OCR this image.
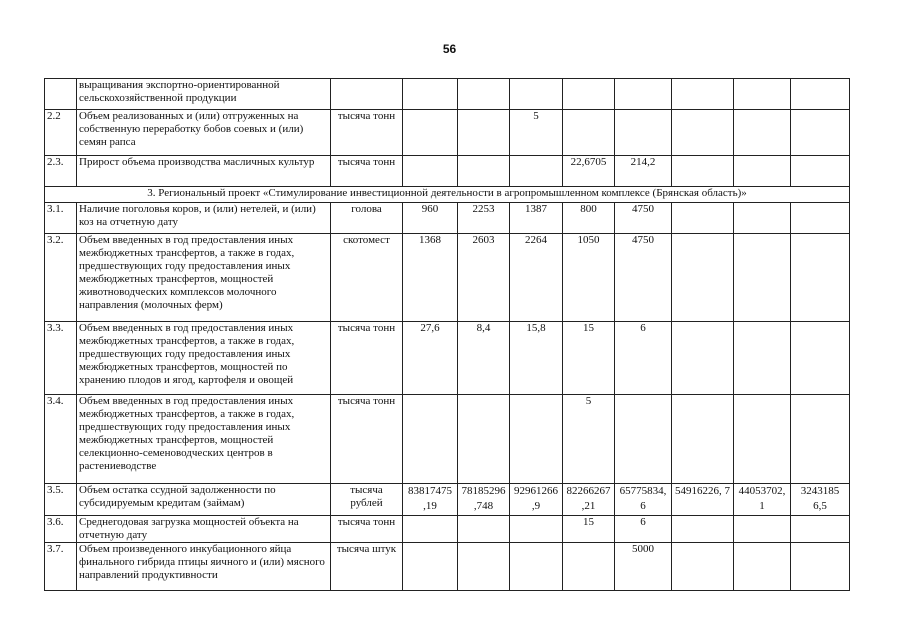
56
	выращивания экспортно-ориентированной сельскохозяйственной продукции									
2.2	Объем реализованных и (или) отгруженных на собственную переработку бобов соевых и (или) семян рапса	тысяча тонн			5					
2.3.	Прирост объема производства масличных культур	тысяча тонн				22,6705	214,2			
3. Региональный проект «Стимулирование инвестиционной деятельности в агропромышленном комплексе (Брянская область)»										
3.1.	Наличие поголовья коров, и (или) нетелей, и (или) коз на отчетную дату	голова	960	2253	1387	800	4750			
3.2.	Объем введенных в год предоставления иных межбюджетных трансфертов, а также в годах, предшествующих году предоставления иных межбюджетных трансфертов, мощностей животноводческих комплексов молочного направления (молочных ферм)	скотомест	1368	2603	2264	1050	4750			
3.3.	Объем введенных в год предоставления иных межбюджетных трансфертов, а также в годах, предшествующих году предоставления иных межбюджетных трансфертов, мощностей по хранению плодов и ягод, картофеля и овощей	тысяча тонн	27,6	8,4	15,8	15	6			
3.4.	Объем введенных в год предоставления иных межбюджетных трансфертов, а также в годах, предшествующих году предоставления иных межбюджетных трансфертов, мощностей селекционно-семеноводческих центров в растениеводстве	тысяча тонн				5				
3.5.	Объем остатка ссудной задолженности по субсидируемым кредитам (займам)	тысяча рублей	83817475 ,19	78185296 ,748	92961266 ,9	82266267 ,21	65775834, 6	54916226, 7	44053702, 1	3243185 6,5
3.6.	Среднегодовая загрузка мощностей объекта на отчетную дату	тысяча тонн				15	6			
3.7.	Объем произведенного инкубационного яйца финального гибрида птицы яичного и (или) мясного направлений продуктивности	тысяча штук					5000			
